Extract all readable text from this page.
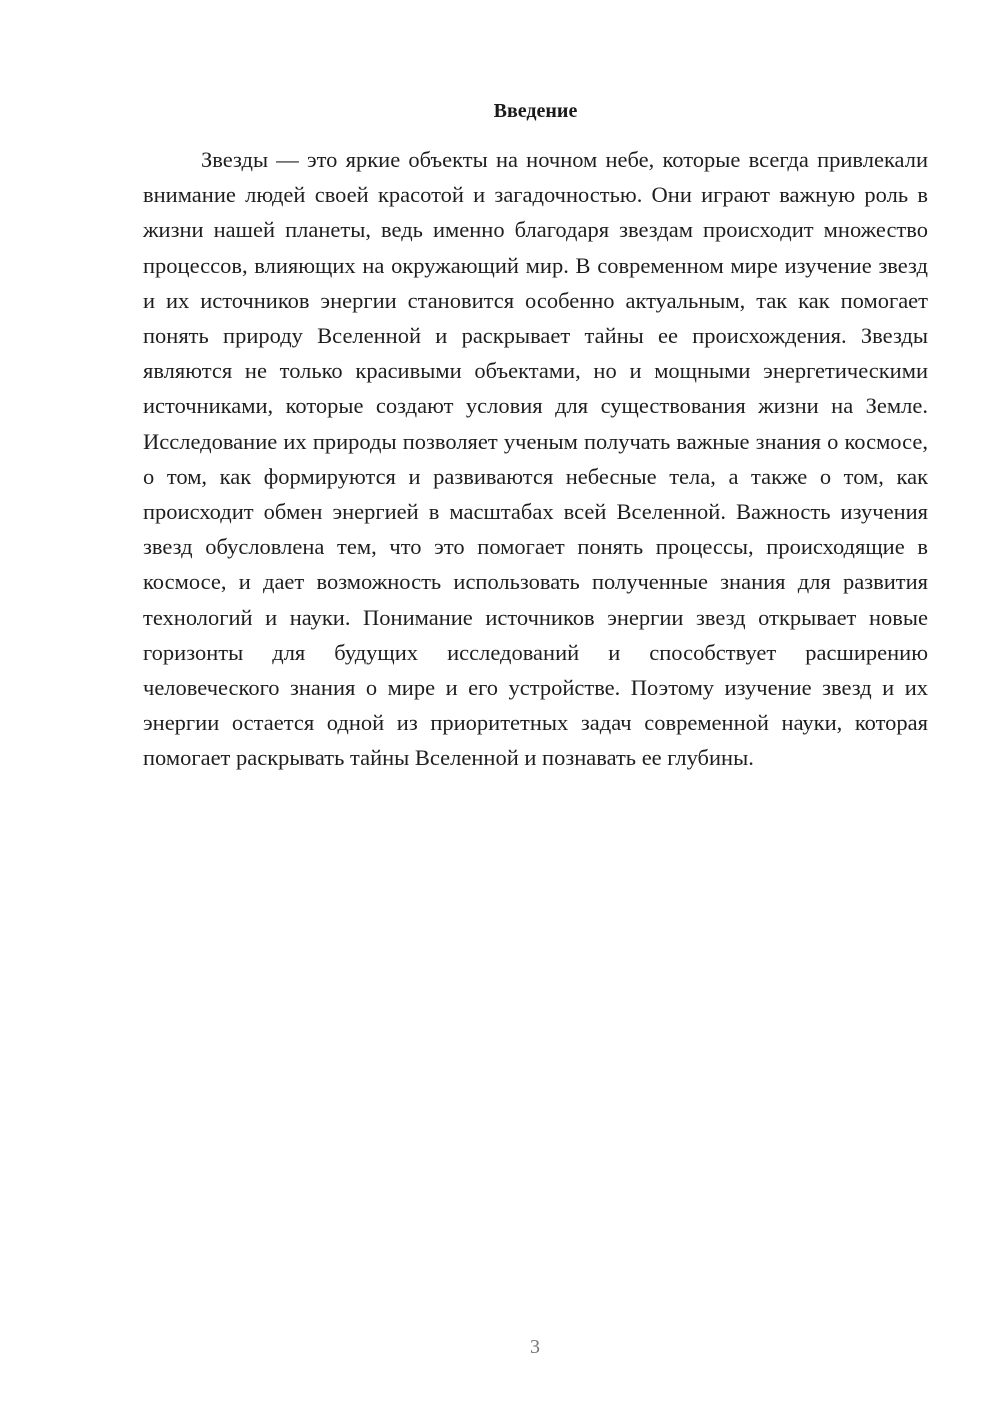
Введение

Звезды — это яркие объекты на ночном небе, которые всегда привлекали внимание людей своей красотой и загадочностью. Они играют важную роль в жизни нашей планеты, ведь именно благодаря звездам происходит множество процессов, влияющих на окружающий мир. В современном мире изучение звезд и их источников энергии становится особенно актуальным, так как помогает понять природу Вселенной и раскрывает тайны ее происхождения. Звезды являются не только красивыми объектами, но и мощными энергетическими источниками, которые создают условия для существования жизни на Земле. Исследование их природы позволяет ученым получать важные знания о космосе, о том, как формируются и развиваются небесные тела, а также о том, как происходит обмен энергией в масштабах всей Вселенной. Важность изучения звезд обусловлена тем, что это помогает понять процессы, происходящие в космосе, и дает возможность использовать полученные знания для развития технологий и науки. Понимание источников энергии звезд открывает новые горизонты для будущих исследований и способствует расширению человеческого знания о мире и его устройстве. Поэтому изучение звезд и их энергии остается одной из приоритетных задач современной науки, которая помогает раскрывать тайны Вселенной и познавать ее глубины.

3
